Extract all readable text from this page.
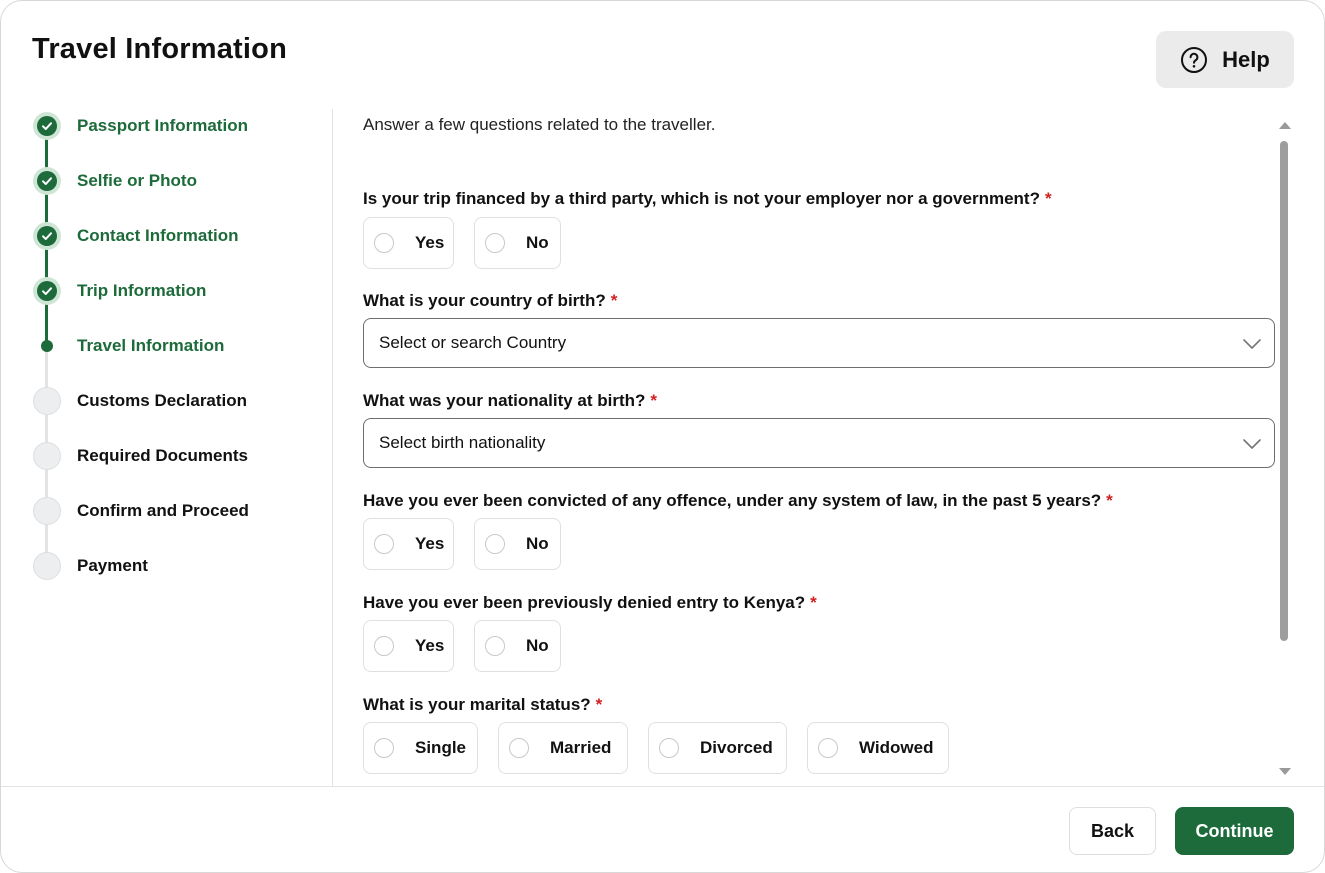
Travel Information	Help
Passport Information
Selfie or Photo
Contact Information
Trip Information
Travel Information
Customs Declaration
Required Documents
Confirm and Proceed
Payment
Answer a few questions related to the traveller.
Is your trip financed by a third party, which is not your employer nor a government? *
Yes	No
What is your country of birth? *
Select or search Country
What was your nationality at birth? *
Select birth nationality
Have you ever been convicted of any offence, under any system of law, in the past 5 years? *
Yes	No
Have you ever been previously denied entry to Kenya? *
Yes	No
What is your marital status? *
Single	Married	Divorced	Widowed
Back	Continue
